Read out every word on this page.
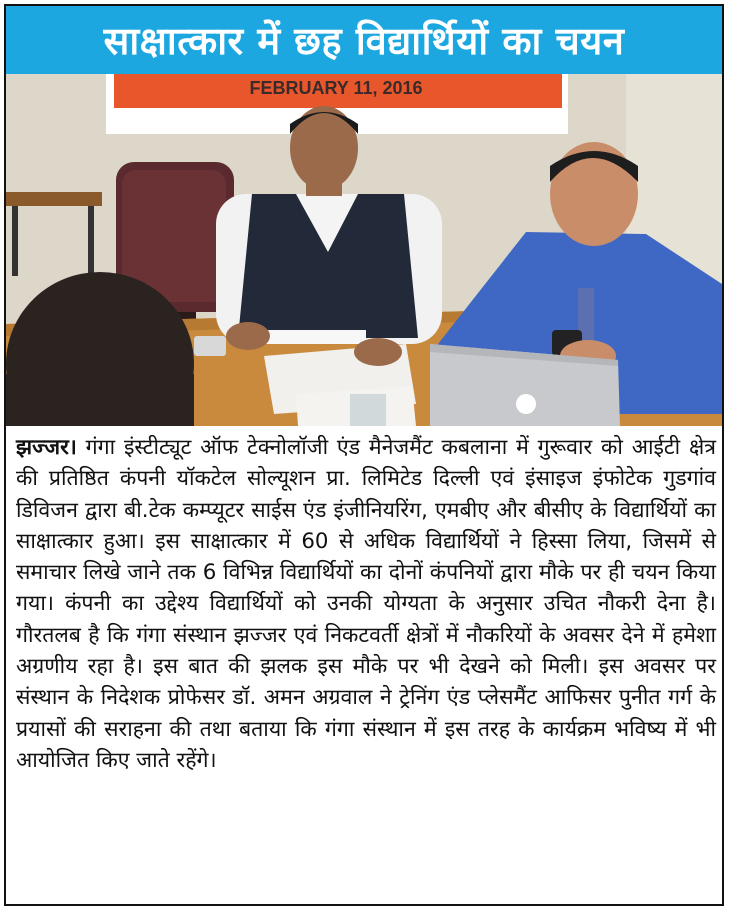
साक्षात्कार में छह विद्यार्थियों का चयन
FEBRUARY 11, 2016

झज्जर। गंगा इंस्टीट्यूट ऑफ टेक्नोलॉजी एंड मैनेजमैंट कबलाना में गुरूवार को आईटी क्षेत्र की प्रतिष्ठित कंपनी यॉकटेल सोल्यूशन प्रा. लिमिटेड दिल्ली एवं इंसाइज इंफोटेक गुडगांव डिविजन द्वारा बी.टेक कम्प्यूटर साईस एंड इंजीनियरिंग, एमबीए और बीसीए के विद्यार्थियों का साक्षात्कार हुआ। इस साक्षात्कार में 60 से अधिक विद्यार्थियों ने हिस्सा लिया, जिसमें से समाचार लिखे जाने तक 6 विभिन्न विद्यार्थियों का दोनों कंपनियों द्वारा मौके पर ही चयन किया गया। कंपनी का उद्देश्य विद्यार्थियों को उनकी योग्यता के अनुसार उचित नौकरी देना है। गौरतलब है कि गंगा संस्थान झज्जर एवं निकटवर्ती क्षेत्रों में नौकरियों के अवसर देने में हमेशा अग्रणीय रहा है। इस बात की झलक इस मौके पर भी देखने को मिली। इस अवसर पर संस्थान के निदेशक प्रोफेसर डॉ. अमन अग्रवाल ने ट्रेनिंग एंड प्लेसमैंट आफिसर पुनीत गर्ग के प्रयासों की सराहना की तथा बताया कि गंगा संस्थान में इस तरह के कार्यक्रम भविष्य में भी आयोजित किए जाते रहेंगे।
